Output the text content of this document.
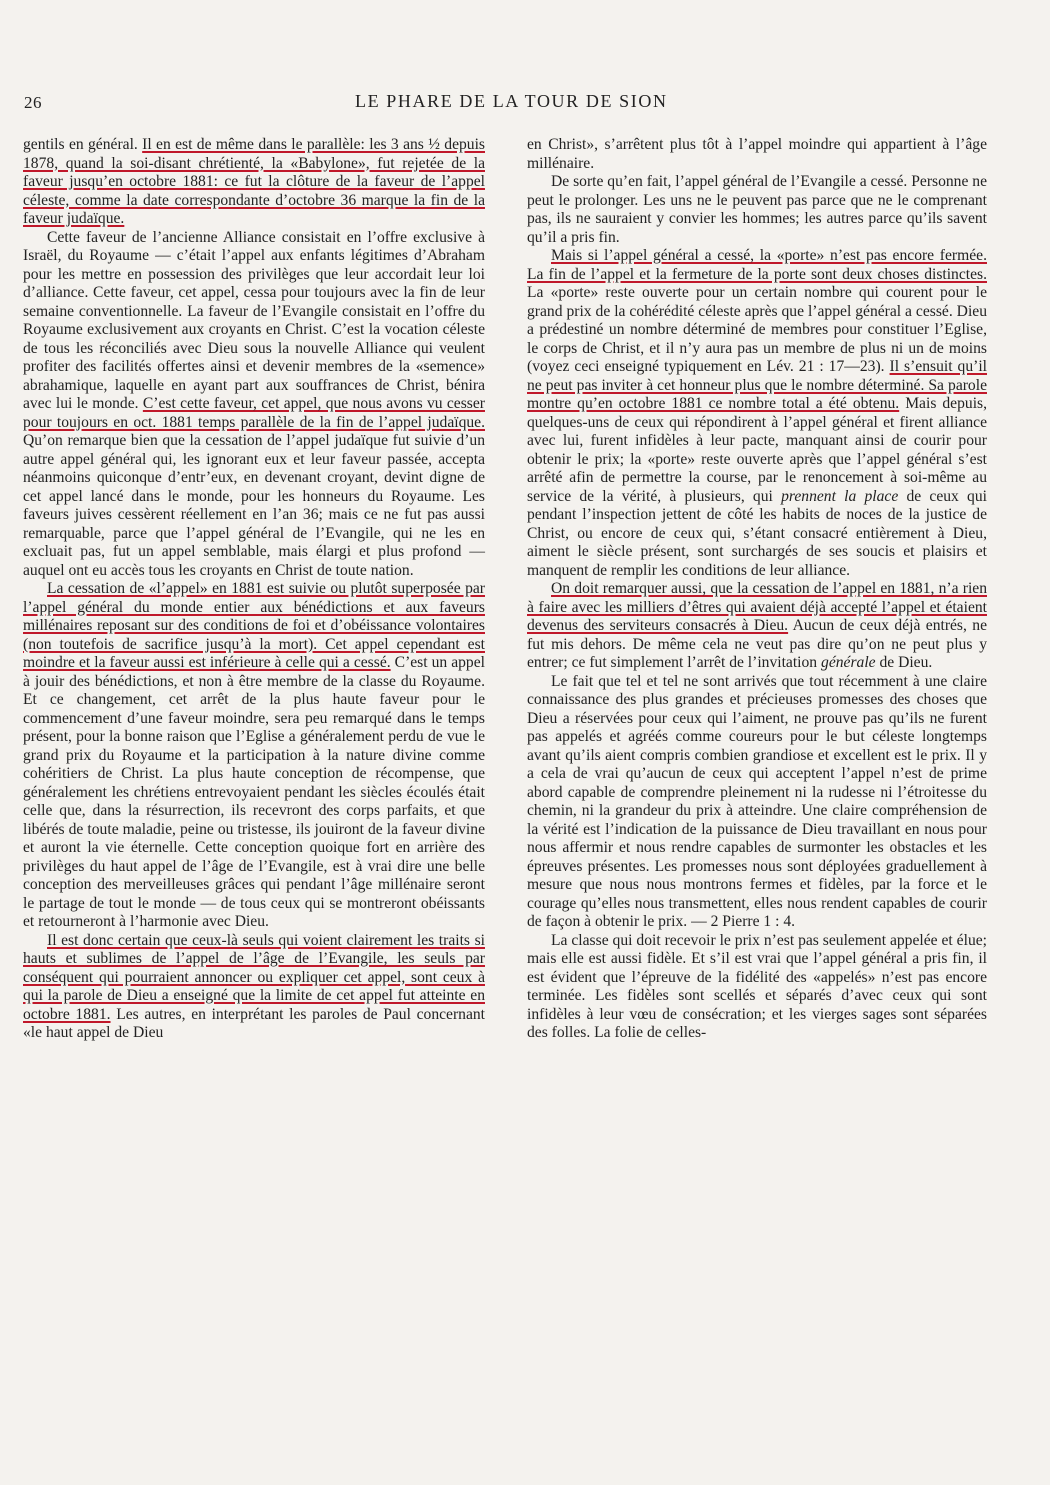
26	LE PHARE DE LA TOUR DE SION

gentils en général. Il en est de même dans le parallèle: les 3 ans ½ depuis 1878, quand la soi-disant chrétienté, la «Babylone», fut rejetée de la faveur jusqu’en octobre 1881: ce fut la clôture de la faveur de l’appel céleste, comme la date correspondante d’octobre 36 marque la fin de la faveur judaïque.

Cette faveur de l’ancienne Alliance consistait en l’offre exclusive à Israël, du Royaume — c’était l’appel aux enfants légitimes d’Abraham pour les mettre en possession des privilèges que leur accordait leur loi d’alliance. Cette faveur, cet appel, cessa pour toujours avec la fin de leur semaine conventionnelle. La faveur de l’Evangile consistait en l’offre du Royaume exclusivement aux croyants en Christ. C’est la vocation céleste de tous les réconciliés avec Dieu sous la nouvelle Alliance qui veulent profiter des facilités offertes ainsi et devenir membres de la «semence» abrahamique, laquelle en ayant part aux souffrances de Christ, bénira avec lui le monde. C’est cette faveur, cet appel, que nous avons vu cesser pour toujours en oct. 1881 temps parallèle de la fin de l’appel judaïque. Qu’on remarque bien que la cessation de l’appel judaïque fut suivie d’un autre appel général qui, les ignorant eux et leur faveur passée, accepta néanmoins quiconque d’entr’eux, en devenant croyant, devint digne de cet appel lancé dans le monde, pour les honneurs du Royaume. Les faveurs juives cessèrent réellement en l’an 36; mais ce ne fut pas aussi remarquable, parce que l’appel général de l’Evangile, qui ne les en excluait pas, fut un appel semblable, mais élargi et plus profond — auquel ont eu accès tous les croyants en Christ de toute nation.

La cessation de «l’appel» en 1881 est suivie ou plutôt superposée par l’appel général du monde entier aux bénédictions et aux faveurs millénaires reposant sur des conditions de foi et d’obéissance volontaires (non toutefois de sacrifice jusqu’à la mort). Cet appel cependant est moindre et la faveur aussi est inférieure à celle qui a cessé. C’est un appel à jouir des bénédictions, et non à être membre de la classe du Royaume. Et ce changement, cet arrêt de la plus haute faveur pour le commencement d’une faveur moindre, sera peu remarqué dans le temps présent, pour la bonne raison que l’Eglise a généralement perdu de vue le grand prix du Royaume et la participation à la nature divine comme cohéritiers de Christ. La plus haute conception de récompense, que généralement les chrétiens entrevoyaient pendant les siècles écoulés était celle que, dans la résurrection, ils recevront des corps parfaits, et que libérés de toute maladie, peine ou tristesse, ils jouiront de la faveur divine et auront la vie éternelle. Cette conception quoique fort en arrière des privilèges du haut appel de l’âge de l’Evangile, est à vrai dire une belle conception des merveilleuses grâces qui pendant l’âge millénaire seront le partage de tout le monde — de tous ceux qui se montreront obéissants et retourneront à l’harmonie avec Dieu.

Il est donc certain que ceux-là seuls qui voient clairement les traits si hauts et sublimes de l’appel de l’âge de l’Evangile, les seuls par conséquent qui pourraient annoncer ou expliquer cet appel, sont ceux à qui la parole de Dieu a enseigné que la limite de cet appel fut atteinte en octobre 1881. Les autres, en interprétant les paroles de Paul concernant «le haut appel de Dieu

en Christ», s’arrêtent plus tôt à l’appel moindre qui appartient à l’âge millénaire.

De sorte qu’en fait, l’appel général de l’Evangile a cessé. Personne ne peut le prolonger. Les uns ne le peuvent pas parce que ne le comprenant pas, ils ne sauraient y convier les hommes; les autres parce qu’ils savent qu’il a pris fin.

Mais si l’appel général a cessé, la «porte» n’est pas encore fermée. La fin de l’appel et la fermeture de la porte sont deux choses distinctes. La «porte» reste ouverte pour un certain nombre qui courent pour le grand prix de la cohérédité céleste après que l’appel général a cessé. Dieu a prédestiné un nombre déterminé de membres pour constituer l’Eglise, le corps de Christ, et il n’y aura pas un membre de plus ni un de moins (voyez ceci enseigné typiquement en Lév. 21 : 17—23). Il s’ensuit qu’il ne peut pas inviter à cet honneur plus que le nombre déterminé. Sa parole montre qu’en octobre 1881 ce nombre total a été obtenu. Mais depuis, quelques-uns de ceux qui répondirent à l’appel général et firent alliance avec lui, furent infidèles à leur pacte, manquant ainsi de courir pour obtenir le prix; la «porte» reste ouverte après que l’appel général s’est arrêté afin de permettre la course, par le renoncement à soi-même au service de la vérité, à plusieurs, qui prennent la place de ceux qui pendant l’inspection jettent de côté les habits de noces de la justice de Christ, ou encore de ceux qui, s’étant consacré entièrement à Dieu, aiment le siècle présent, sont surchargés de ses soucis et plaisirs et manquent de remplir les conditions de leur alliance.

On doit remarquer aussi, que la cessation de l’appel en 1881, n’a rien à faire avec les milliers d’êtres qui avaient déjà accepté l’appel et étaient devenus des serviteurs consacrés à Dieu. Aucun de ceux déjà entrés, ne fut mis dehors. De même cela ne veut pas dire qu’on ne peut plus y entrer; ce fut simplement l’arrêt de l’invitation générale de Dieu.

Le fait que tel et tel ne sont arrivés que tout récemment à une claire connaissance des plus grandes et précieuses promesses des choses que Dieu a réservées pour ceux qui l’aiment, ne prouve pas qu’ils ne furent pas appelés et agréés comme coureurs pour le but céleste longtemps avant qu’ils aient compris combien grandiose et excellent est le prix. Il y a cela de vrai qu’aucun de ceux qui acceptent l’appel n’est de prime abord capable de comprendre pleinement ni la rudesse ni l’étroitesse du chemin, ni la grandeur du prix à atteindre. Une claire compréhension de la vérité est l’indication de la puissance de Dieu travaillant en nous pour nous affermir et nous rendre capables de surmonter les obstacles et les épreuves présentes. Les promesses nous sont déployées graduellement à mesure que nous nous montrons fermes et fidèles, par la force et le courage qu’elles nous transmettent, elles nous rendent capables de courir de façon à obtenir le prix. — 2 Pierre 1 : 4.

La classe qui doit recevoir le prix n’est pas seulement appelée et élue; mais elle est aussi fidèle. Et s’il est vrai que l’appel général a pris fin, il est évident que l’épreuve de la fidélité des «appelés» n’est pas encore terminée. Les fidèles sont scellés et séparés d’avec ceux qui sont infidèles à leur vœu de consécration; et les vierges sages sont séparées des folles. La folie de celles-
